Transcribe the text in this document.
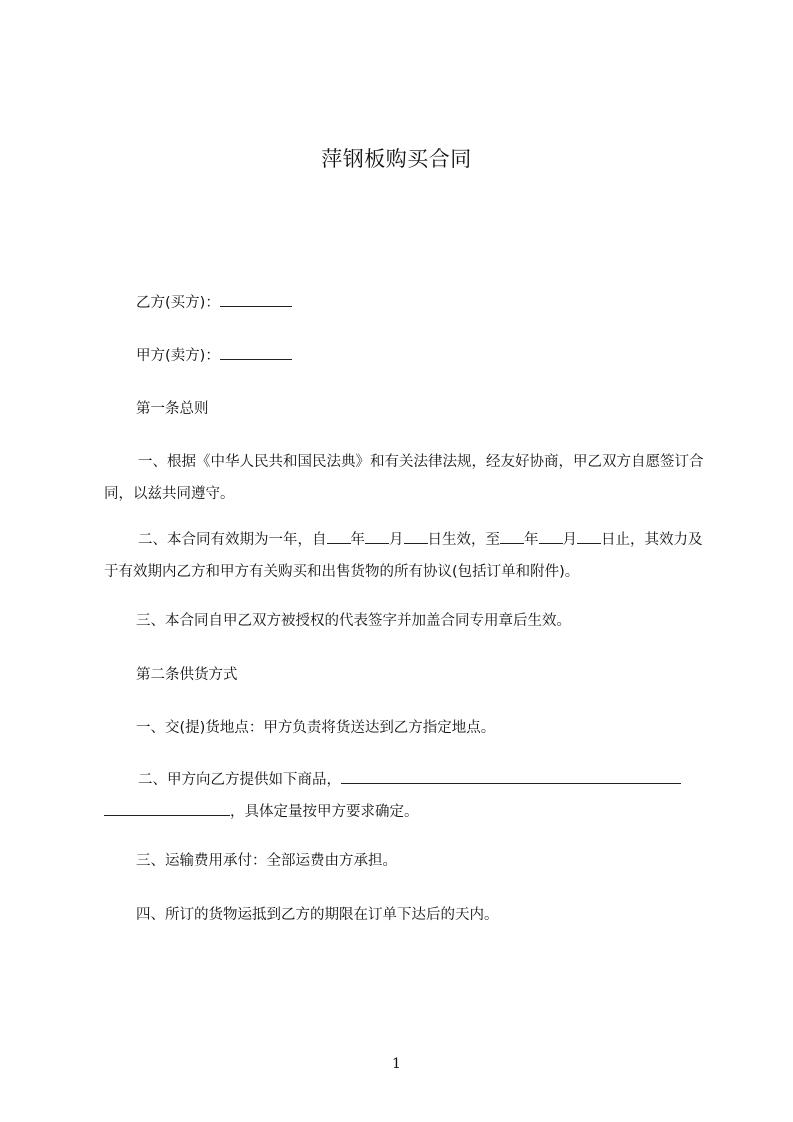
萍钢板购买合同
乙方(买方)：
甲方(卖方)：
第一条总则
一、根据《中华人民共和国民法典》和有关法律法规，经友好协商，甲乙双方自愿签订合同，以兹共同遵守。
二、本合同有效期为一年，自 年 月 日生效，至 年 月 日止，其效力及于有效期内乙方和甲方有关购买和出售货物的所有协议(包括订单和附件)。
三、本合同自甲乙双方被授权的代表签字并加盖合同专用章后生效。
第二条供货方式
一、交(提)货地点：甲方负责将货送达到乙方指定地点。
二、甲方向乙方提供如下商品，，具体定量按甲方要求确定。
三、运输费用承付：全部运费由方承担。
四、所订的货物运抵到乙方的期限在订单下达后的天内。
1
